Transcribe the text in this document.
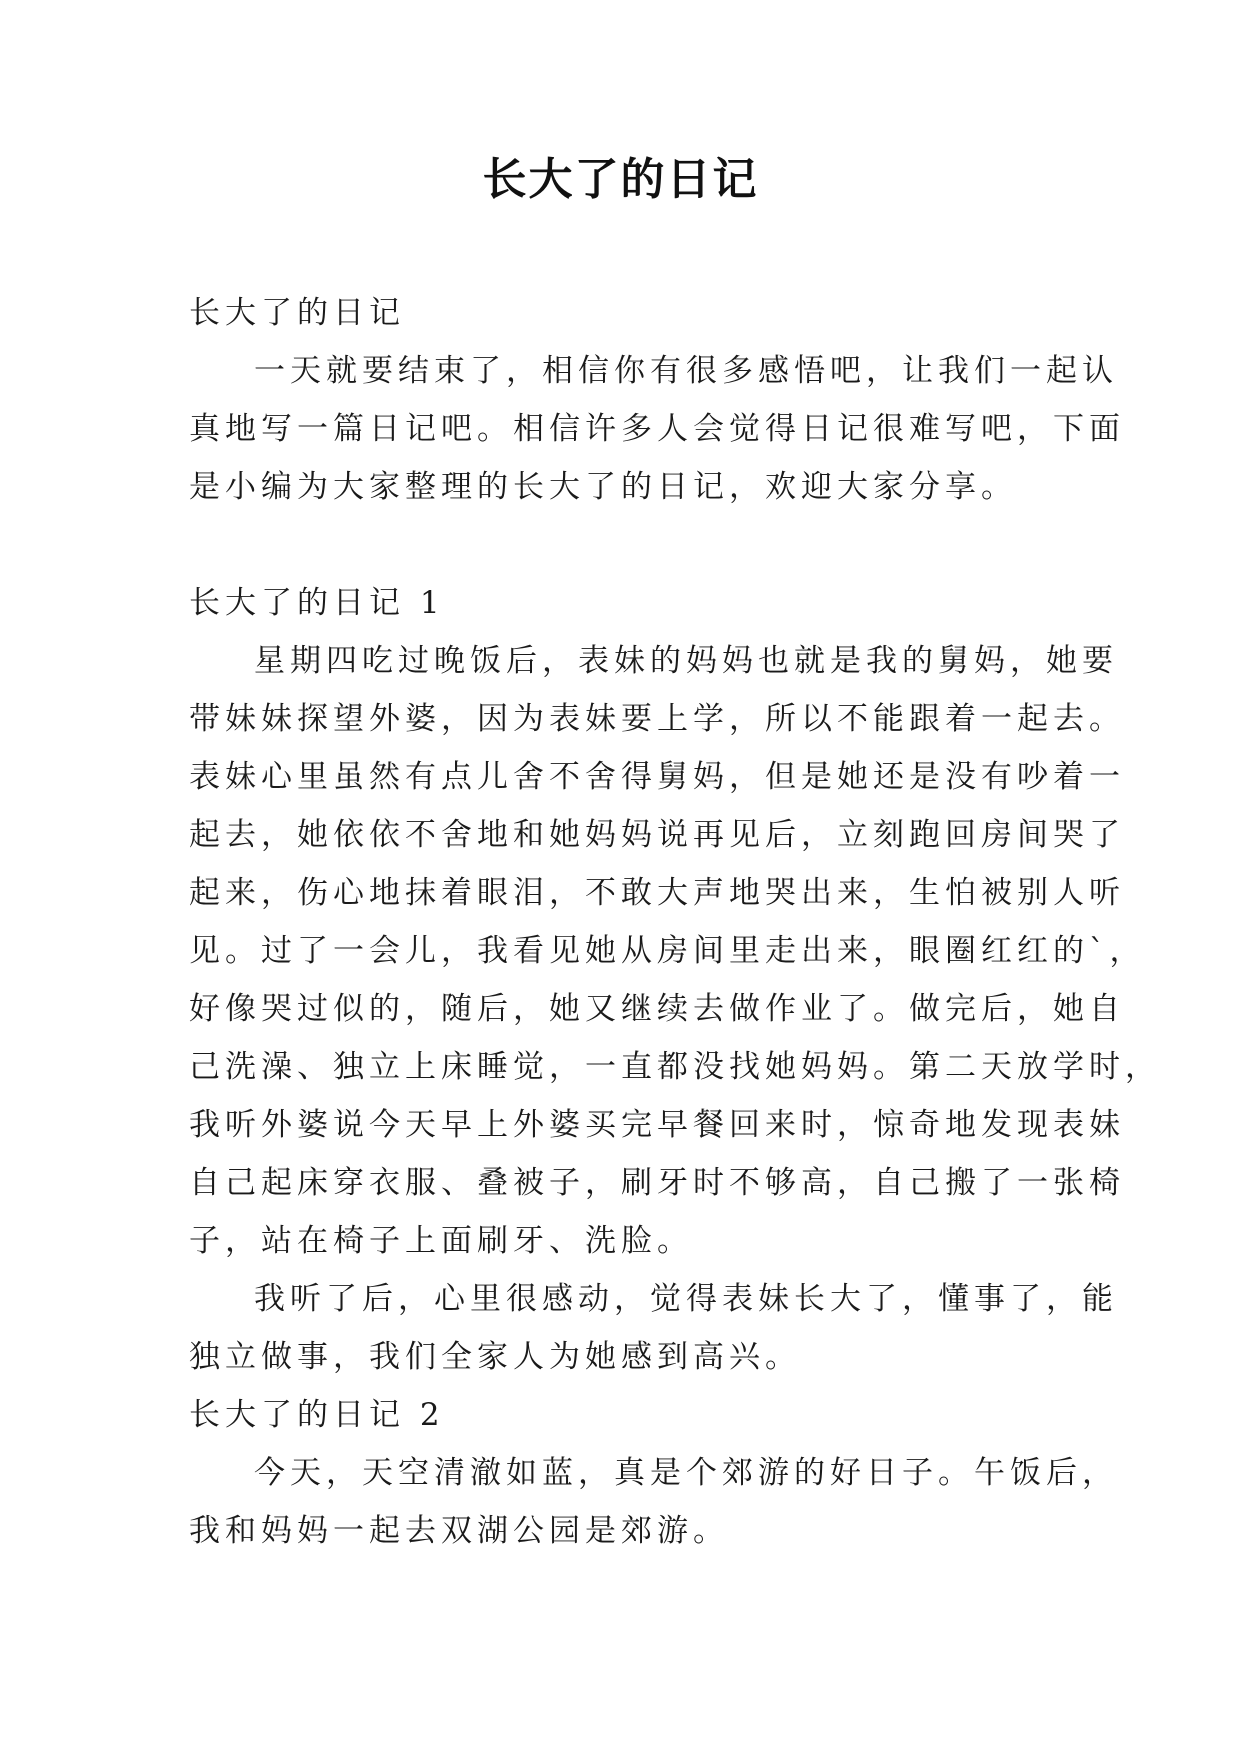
长大了的日记
长大了的日记
一天就要结束了，相信你有很多感悟吧，让我们一起认
真地写一篇日记吧。相信许多人会觉得日记很难写吧，下面
是小编为大家整理的长大了的日记，欢迎大家分享。
长大了的日记 1
星期四吃过晚饭后，表妹的妈妈也就是我的舅妈，她要
带妹妹探望外婆，因为表妹要上学，所以不能跟着一起去。
表妹心里虽然有点儿舍不舍得舅妈，但是她还是没有吵着一
起去，她依依不舍地和她妈妈说再见后，立刻跑回房间哭了
起来，伤心地抹着眼泪，不敢大声地哭出来，生怕被别人听
见。过了一会儿，我看见她从房间里走出来，眼圈红红的`，
好像哭过似的，随后，她又继续去做作业了。做完后，她自
己洗澡、独立上床睡觉，一直都没找她妈妈。第二天放学时，
我听外婆说今天早上外婆买完早餐回来时，惊奇地发现表妹
自己起床穿衣服、叠被子，刷牙时不够高，自己搬了一张椅
子，站在椅子上面刷牙、洗脸。
我听了后，心里很感动，觉得表妹长大了，懂事了，能
独立做事，我们全家人为她感到高兴。
长大了的日记 2
今天，天空清澈如蓝，真是个郊游的好日子。午饭后，
我和妈妈一起去双湖公园是郊游。
